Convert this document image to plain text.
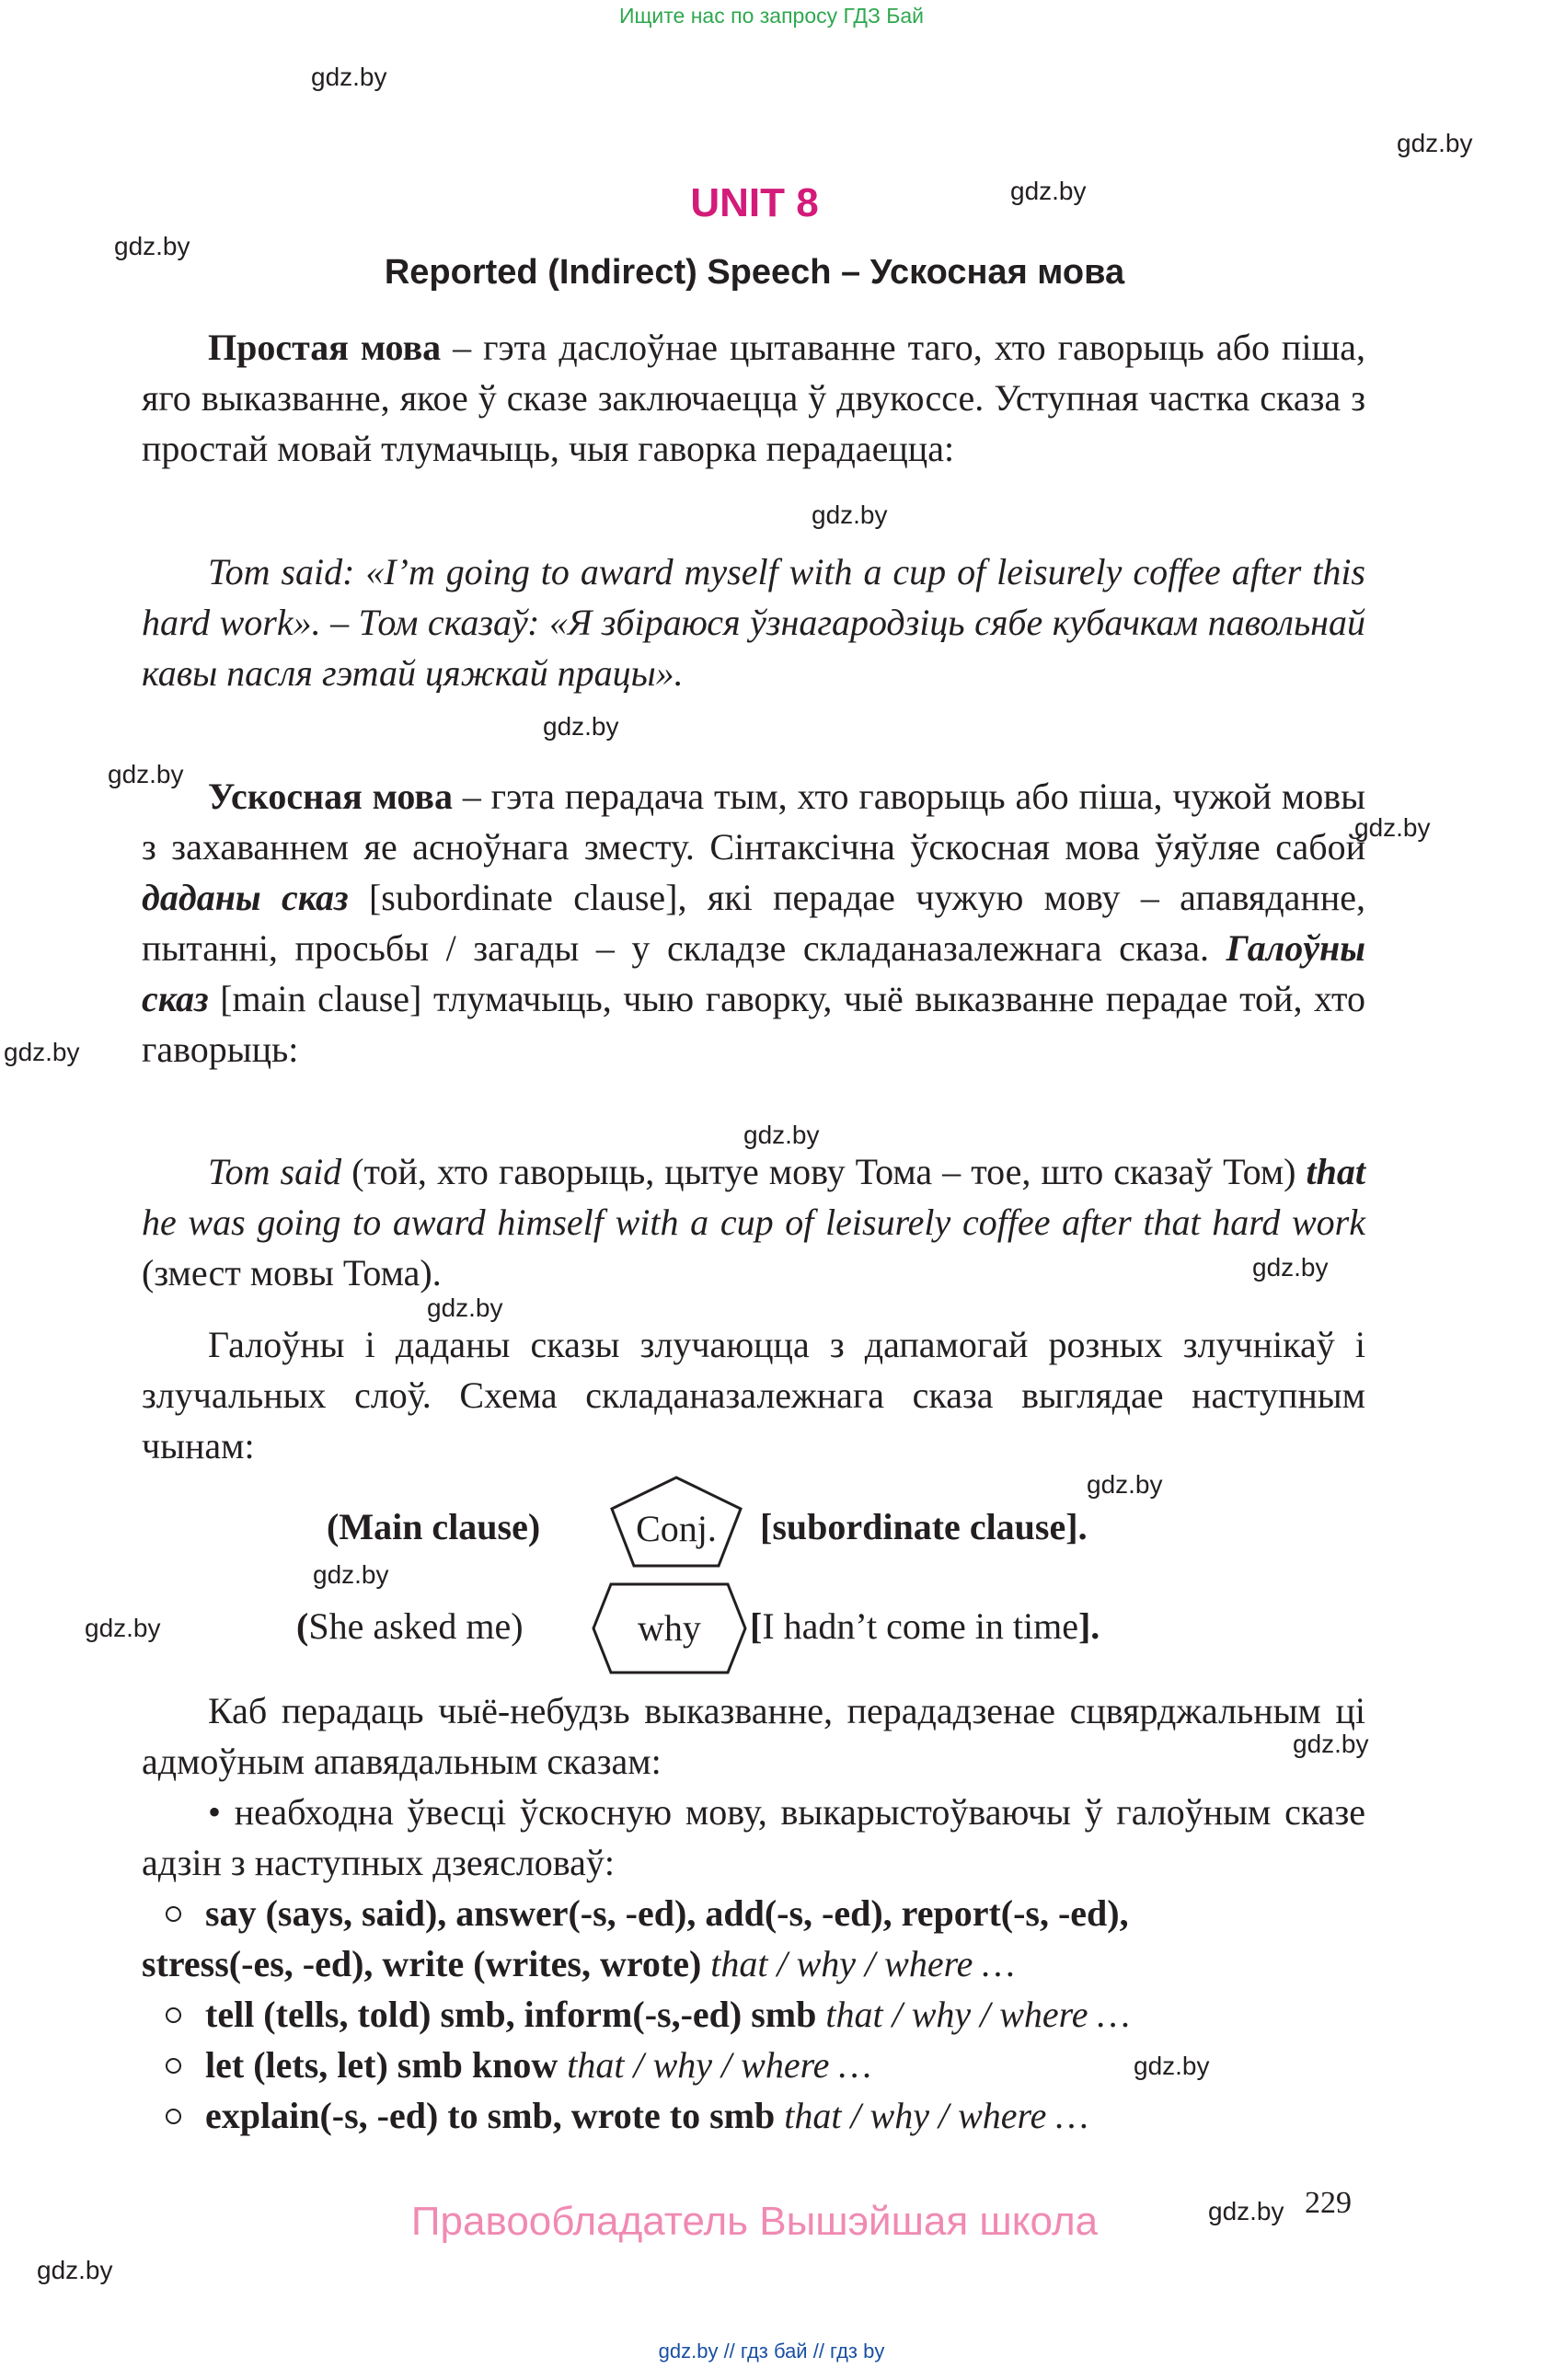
Ищите нас по запросу ГДЗ Бай
gdz.by
gdz.by
gdz.by
gdz.by
gdz.by
gdz.by
gdz.by
gdz.by
gdz.by
gdz.by
gdz.by
gdz.by
gdz.by
gdz.by
gdz.by
gdz.by
gdz.by
gdz.by
gdz.by
UNIT 8
Reported (Indirect) Speech – Ускосная мова

Простая мова – гэта даслоўнае цытаванне таго, хто гаворыць або піша, яго выказванне, якое ў сказе заключаецца ў двукоссе. Уступная частка сказа з простай мовай тлумачыць, чыя гаворка перадаецца:

Tom said: «I’m going to award myself with a cup of leisurely coffee after this hard work». – Том сказаў: «Я збіраюся ўзнагародзіць сябе кубачкам павольнай кавы пасля гэтай цяжкай працы».

Ускосная мова – гэта перадача тым, хто гаворыць або піша, чужой мовы з захаваннем яе асноўнага зместу. Сінтаксічна ўскосная мова ўяўляе сабой даданы сказ [subordinate clause], які перадае чужую мову – апавяданне, пытанні, просьбы / загады – у складзе складаназалежнага сказа. Галоўны сказ [main clause] тлумачыць, чыю гаворку, чыё выказванне перадае той, хто гаворыць:

Tom said (той, хто гаворыць, цытуе мову Тома – тое, што сказаў Том) that he was going to award himself with a cup of leisurely coffee after that hard work (змест мовы Тома).

Галоўны і даданы сказы злучаюцца з дапамогай розных злучнікаў і злучальных слоў. Схема складаназалежнага сказа выглядае наступным чынам:

(Main clause)	Conj.	[subordinate clause].
(She asked me)	why	[I hadn’t come in time].

Каб перадаць чыё-небудзь выказванне, перададзенае сцвярджальным ці адмоўным апавядальным сказам:

• неабходна ўвесці ўскосную мову, выкарыстоўваючы ў галоўным сказе адзін з наступных дзеясловаў:

say (says, said), answer(-s, -ed), add(-s, -ed), report(-s, -ed),
stress(-es, -ed), write (writes, wrote) that / why / where …
tell (tells, told) smb, inform(-s,-ed) smb that / why / where …
let (lets, let) smb know that / why / where …
explain(-s, -ed) to smb, wrote to smb that / why / where …
Правообладатель Вышэйшая школа	229
gdz.by // гдз бай // гдз by
